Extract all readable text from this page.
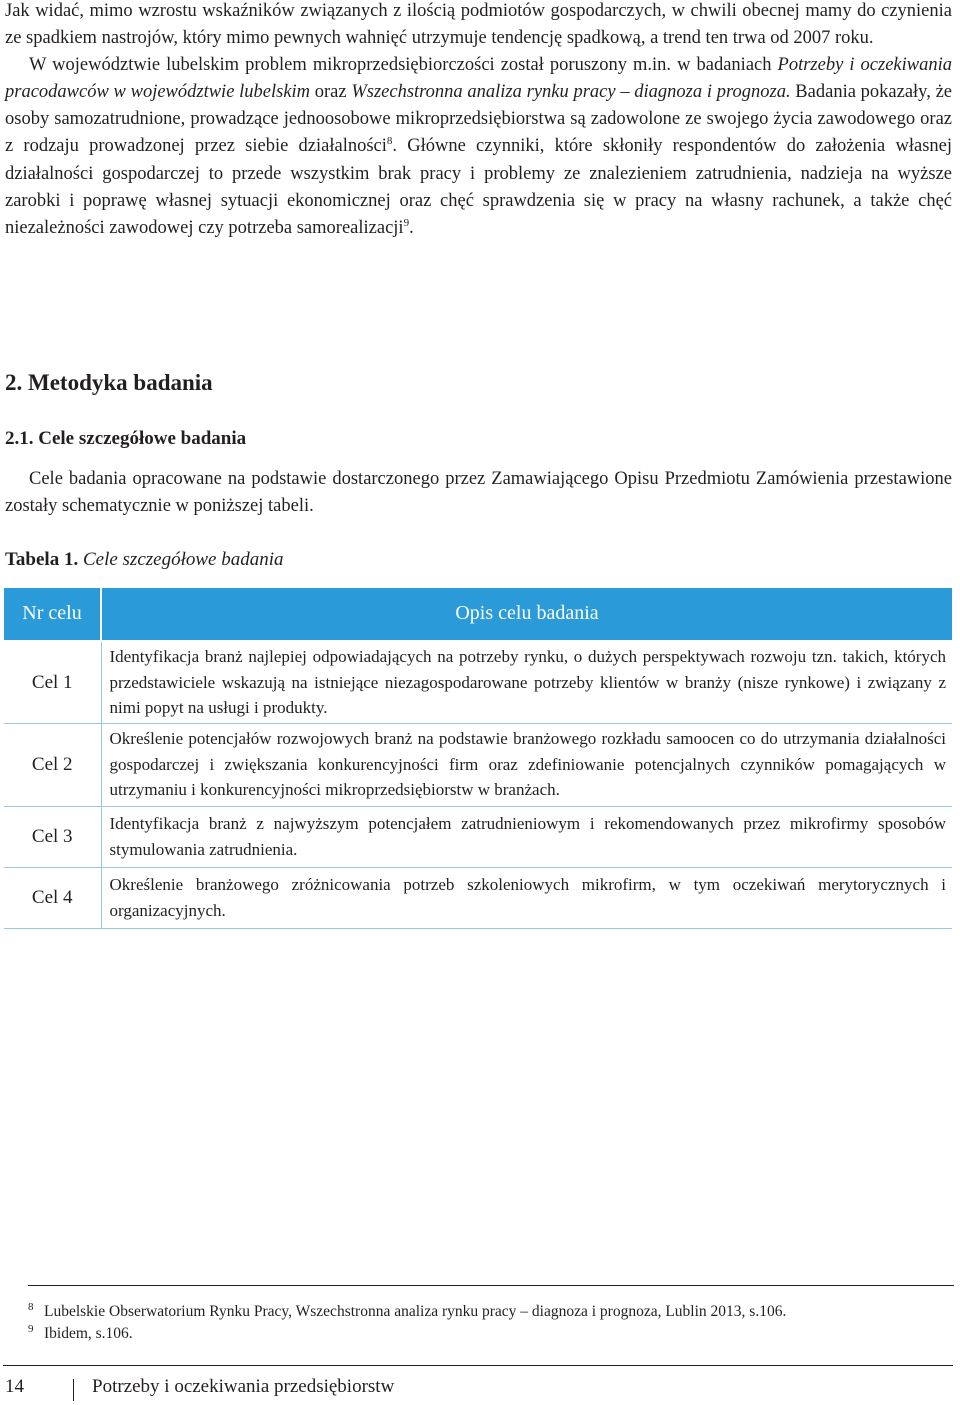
Jak widać, mimo wzrostu wskaźników związanych z ilością podmiotów gospodarczych, w chwili obecnej mamy do czynienia ze spadkiem nastrojów, który mimo pewnych wahnięć utrzymuje tendencję spadkową, a trend ten trwa od 2007 roku.
W województwie lubelskim problem mikroprzedsiębiorczości został poruszony m.in. w badaniach Potrzeby i oczekiwania pracodawców w województwie lubelskim oraz Wszechstronna analiza rynku pracy – diagnoza i prognoza. Badania pokazały, że osoby samozatrudnione, prowadzące jednoosobowe mikroprzedsiębiorstwa są zadowolone ze swojego życia zawodowego oraz z rodzaju prowadzonej przez siebie działalności$^8$. Główne czynniki, które skłoniły respondentów do założenia własnej działalności gospodarczej to przede wszystkim brak pracy i problemy ze znalezieniem zatrudnienia, nadzieja na wyższe zarobki i poprawę własnej sytuacji ekonomicznej oraz chęć sprawdzenia się w pracy na własny rachunek, a także chęć niezależności zawodowej czy potrzeba samorealizacji$^9$.

2. Metodyka badania
2.1. Cele szczegółowe badania

Cele badania opracowane na podstawie dostarczonego przez Zamawiającego Opisu Przedmiotu Zamówienia przestawione zostały schematycznie w poniższej tabeli.

Tabela 1. Cele szczegółowe badania
Nr celu	Opis celu badania
Cel 1	Identyfikacja branż najlepiej odpowiadających na potrzeby rynku, o dużych perspektywach rozwoju tzn. takich, których przedstawiciele wskazują na istniejące niezagospodarowane potrzeby klientów w branży (nisze rynkowe) i związany z nimi popyt na usługi i produkty.
Cel 2	Określenie potencjałów rozwojowych branż na podstawie branżowego rozkładu samoocen co do utrzymania działalności gospodarczej i zwiększania konkurencyjności firm oraz zdefiniowanie potencjalnych czynników pomagających w utrzymaniu i konkurencyjności mikroprzedsiębiorstw w branżach.
Cel 3	Identyfikacja branż z najwyższym potencjałem zatrudnieniowym i rekomendowanych przez mikrofirmy sposobów stymulowania zatrudnienia.
Cel 4	Określenie branżowego zróżnicowania potrzeb szkoleniowych mikrofirm, w tym oczekiwań merytorycznych i organizacyjnych.
8 Lubelskie Obserwatorium Rynku Pracy, Wszechstronna analiza rynku pracy – diagnoza i prognoza, Lublin 2013, s.106.
9 Ibidem, s.106.
14	Potrzeby i oczekiwania przedsiębiorstw
